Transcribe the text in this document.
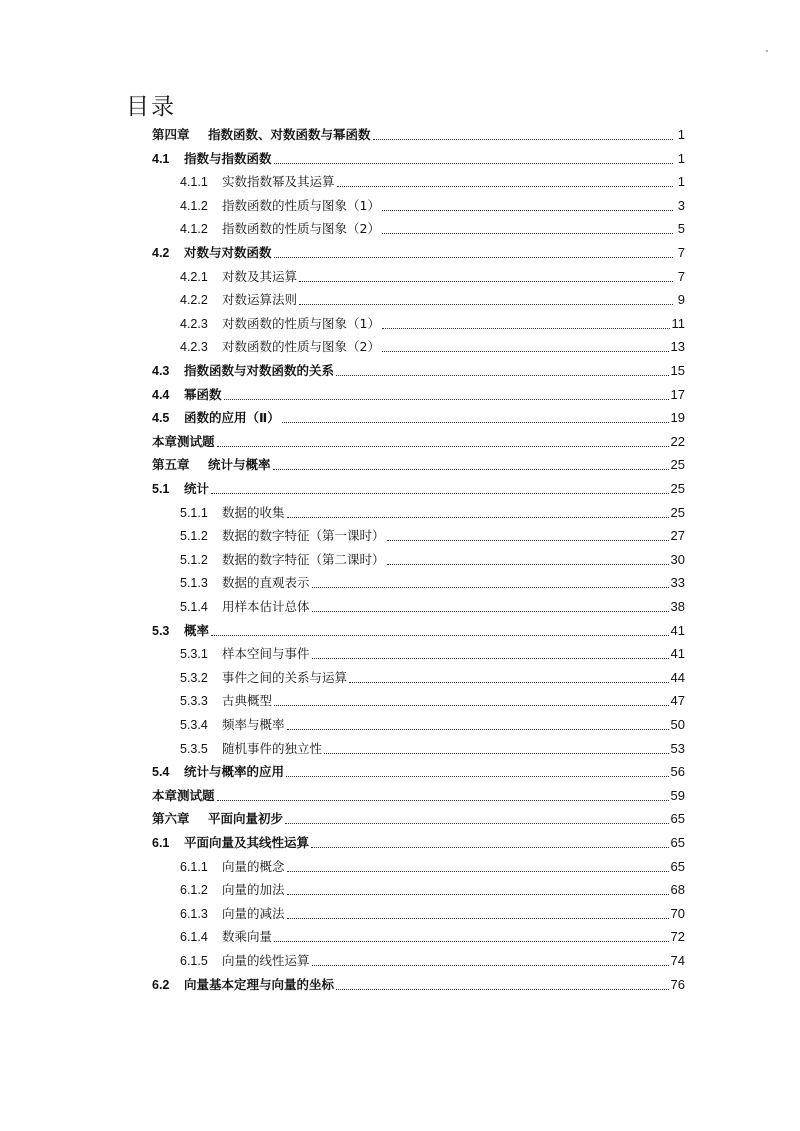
目录
第四章	指数函数、对数函数与幂函数	1
4.1	指数与指数函数	1
4.1.1	实数指数幂及其运算	1
4.1.2	指数函数的性质与图象（1）	3
4.1.2	指数函数的性质与图象（2）	5
4.2	对数与对数函数	7
4.2.1	对数及其运算	7
4.2.2	对数运算法则	9
4.2.3	对数函数的性质与图象（1）	11
4.2.3	对数函数的性质与图象（2）	13
4.3	指数函数与对数函数的关系	15
4.4	幂函数	17
4.5	函数的应用（Ⅱ）	19
本章测试题	22
第五章	统计与概率	25
5.1	统计	25
5.1.1	数据的收集	25
5.1.2	数据的数字特征（第一课时）	27
5.1.2	数据的数字特征（第二课时）	30
5.1.3	数据的直观表示	33
5.1.4	用样本估计总体	38
5.3	概率	41
5.3.1	样本空间与事件	41
5.3.2	事件之间的关系与运算	44
5.3.3	古典概型	47
5.3.4	频率与概率	50
5.3.5	随机事件的独立性	53
5.4	统计与概率的应用	56
本章测试题	59
第六章	平面向量初步	65
6.1	平面向量及其线性运算	65
6.1.1	向量的概念	65
6.1.2	向量的加法	68
6.1.3	向量的减法	70
6.1.4	数乘向量	72
6.1.5	向量的线性运算	74
6.2	向量基本定理与向量的坐标	76
